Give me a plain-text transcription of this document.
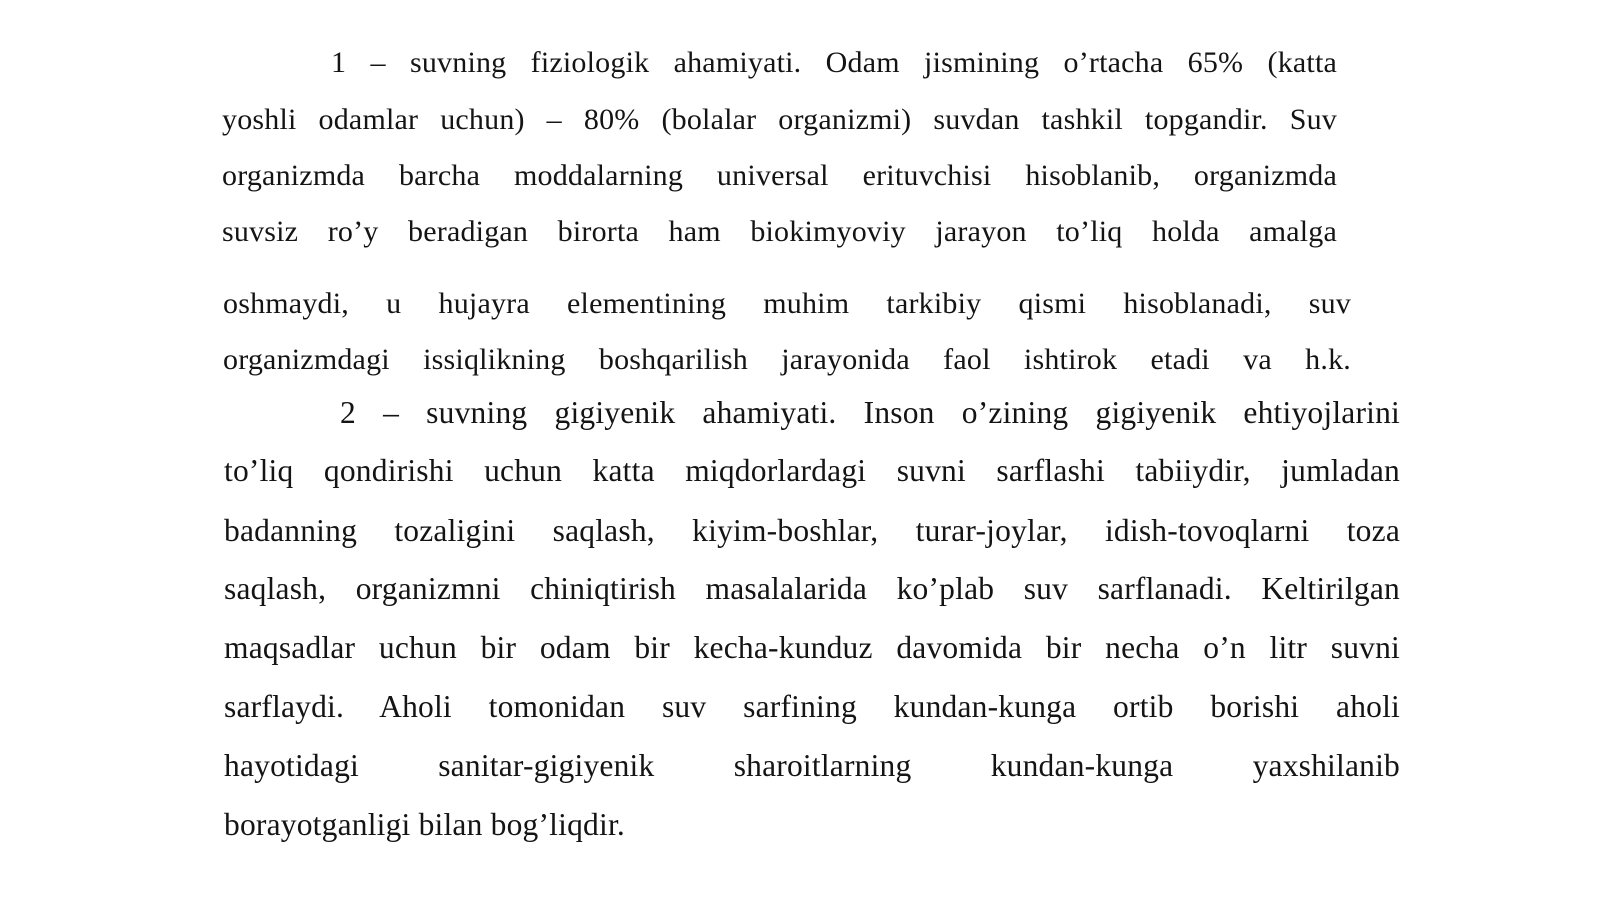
1 – suvning fiziologik ahamiyati. Odam jismining o’rtacha 65% (katta
yoshli odamlar uchun) – 80% (bolalar organizmi) suvdan tashkil topgandir. Suv
organizmda barcha moddalarning universal erituvchisi hisoblanib, organizmda
suvsiz ro’y beradigan birorta ham biokimyoviy jarayon to’liq holda amalga
oshmaydi, u hujayra elementining muhim tarkibiy qismi hisoblanadi, suv
organizmdagi issiqlikning boshqarilish jarayonida faol ishtirok etadi va h.k.
2 – suvning gigiyenik ahamiyati. Inson o’zining gigiyenik ehtiyojlarini
to’liq qondirishi uchun katta miqdorlardagi suvni sarflashi tabiiydir, jumladan
badanning tozaligini saqlash, kiyim-boshlar, turar-joylar, idish-tovoqlarni toza
saqlash, organizmni chiniqtirish masalalarida ko’plab suv sarflanadi. Keltirilgan
maqsadlar uchun bir odam bir kecha-kunduz davomida bir necha o’n litr suvni
sarflaydi. Aholi tomonidan suv sarfining kundan-kunga ortib borishi aholi
hayotidagi sanitar-gigiyenik sharoitlarning kundan-kunga yaxshilanib
borayotganligi bilan bog’liqdir.
